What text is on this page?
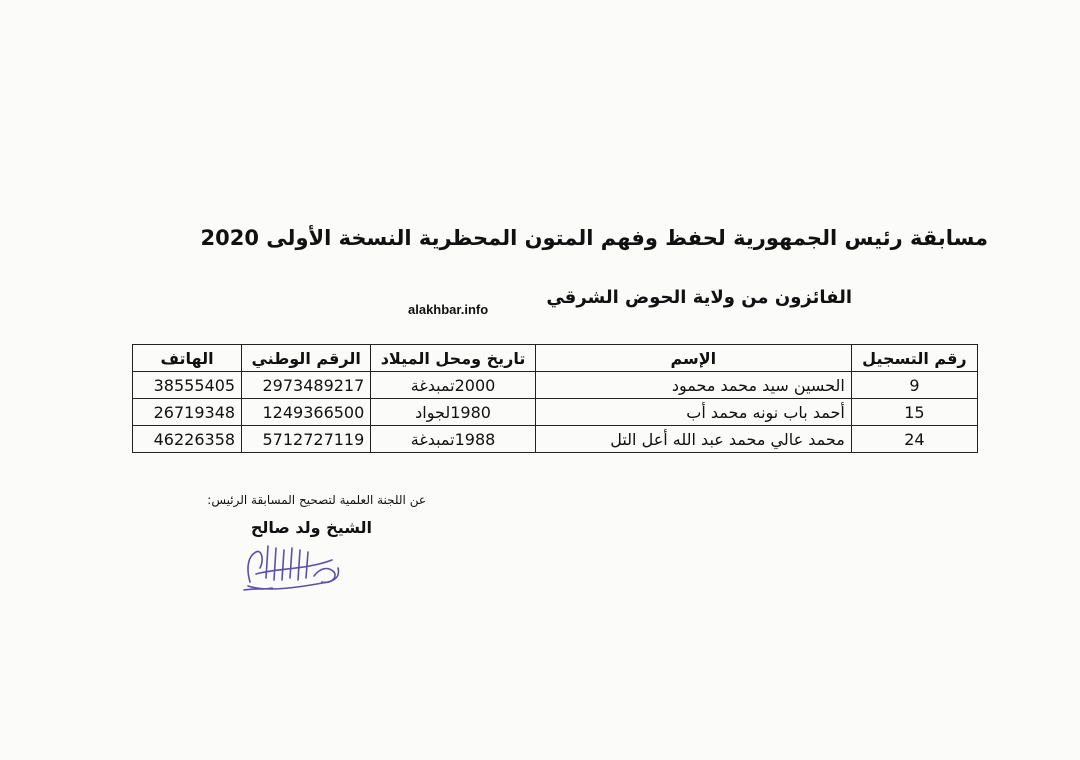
مسابقة رئيس الجمهورية لحفظ وفهم المتون المحظرية النسخة الأولى 2020
الفائزون من ولاية الحوض الشرقي
alakhbar.info
رقم التسجيل	الإسم	تاريخ ومحل الميلاد	الرقم الوطني	الهاتف
9	الحسين سيد محمد محمود	2000تمبدغة	2973489217	38555405
15	أحمد باب نونه محمد أب	1980لجواد	1249366500	26719348
24	محمد عالي محمد عبد الله أعل التل	1988تمبدغة	5712727119	46226358
عن اللجنة العلمية لتصحيح المسابقة الرئيس:
الشيخ ولد صالح
